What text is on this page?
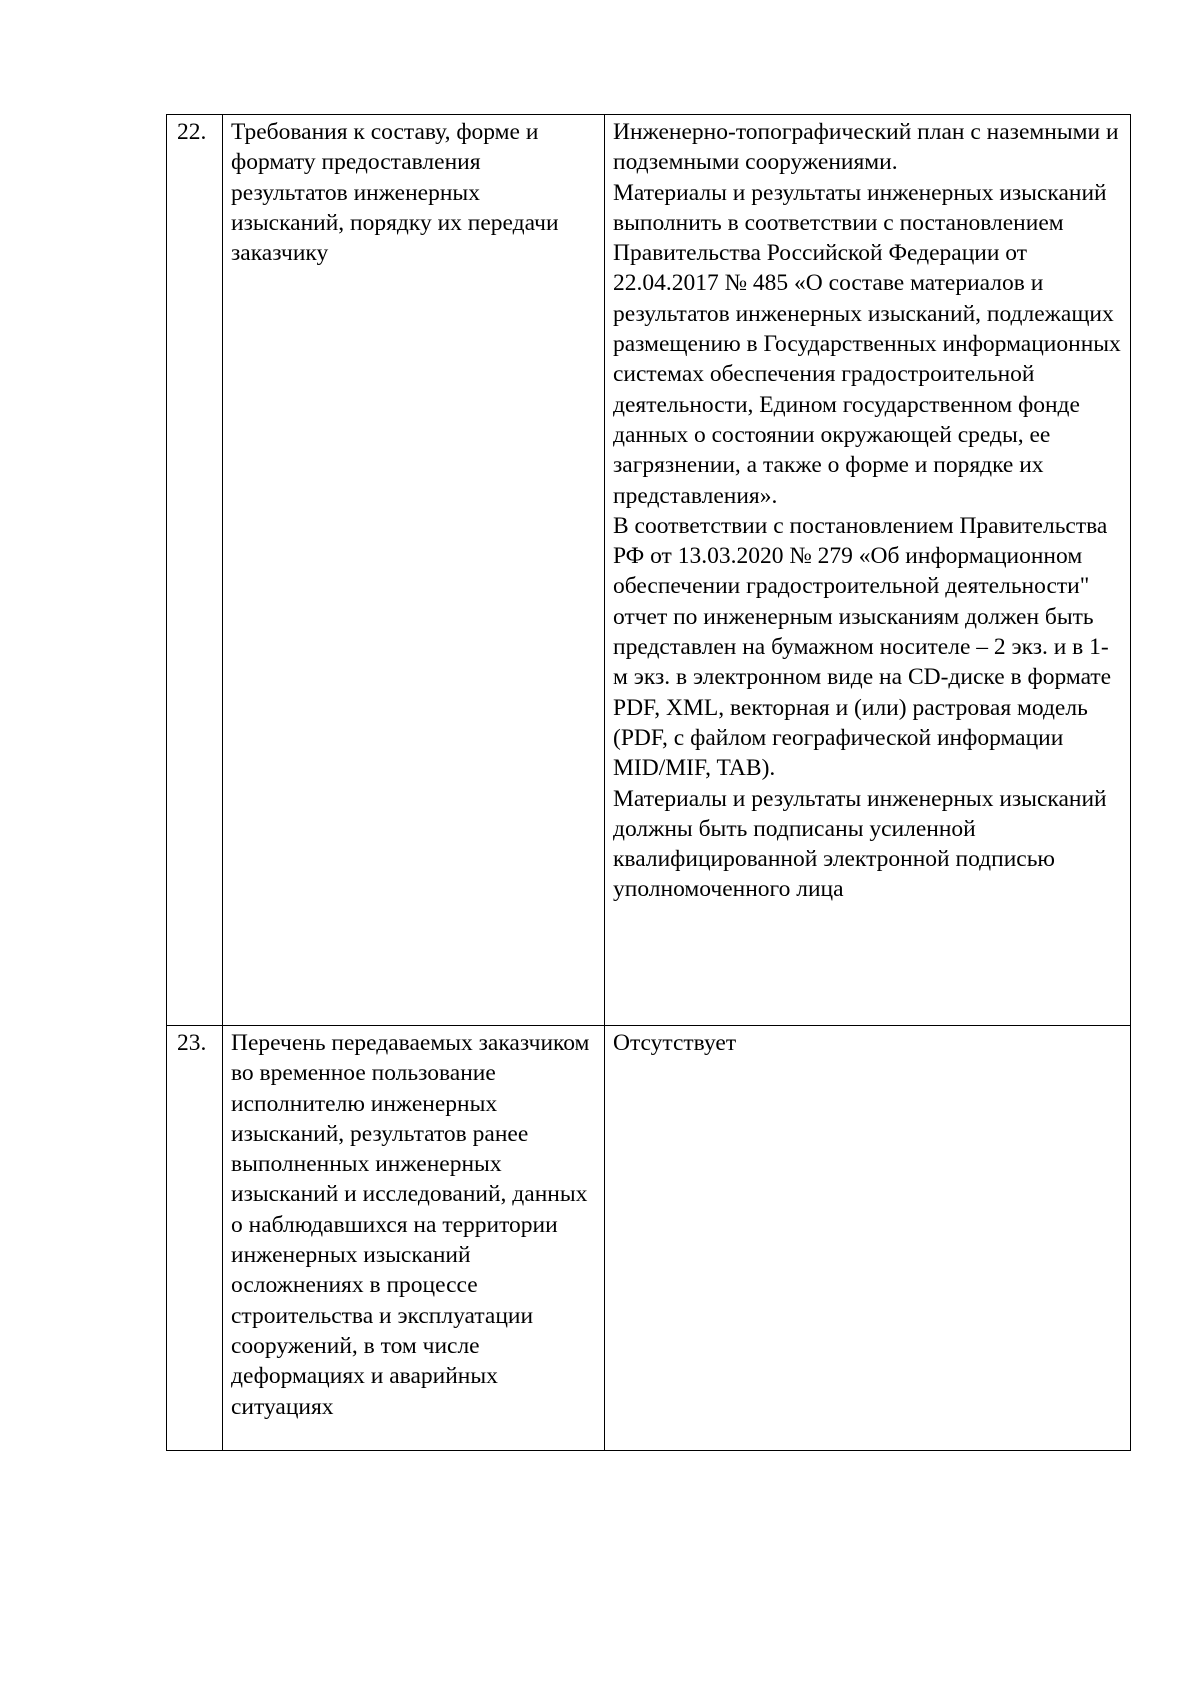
22.	Требования к составу, форме и формату предоставления результатов инженерных изысканий, порядку их передачи заказчику	Инженерно-топографический план с наземными и подземными сооружениями.
Материалы и результаты инженерных изысканий выполнить в соответствии с постановлением Правительства Российской Федерации от 22.04.2017 № 485 «О составе материалов и результатов инженерных изысканий, подлежащих размещению в Государственных информационных системах обеспечения градостроительной деятельности, Едином государственном фонде данных о состоянии окружающей среды, ее загрязнении, а также о форме и порядке их представления».
В соответствии с постановлением Правительства РФ от 13.03.2020 № 279 «Об информационном обеспечении градостроительной деятельности" отчет по инженерным изысканиям должен быть представлен на бумажном носителе – 2 экз. и в 1-м экз. в электронном виде на CD-диске в формате PDF, XML, векторная и (или) растровая модель (PDF, с файлом географической информации MID/MIF, TAB).
Материалы и результаты инженерных изысканий должны быть подписаны усиленной квалифицированной электронной подписью уполномоченного лица

23.	Перечень передаваемых заказчиком во временное пользование исполнителю инженерных изысканий, результатов ранее выполненных инженерных изысканий и исследований, данных о наблюдавшихся на территории инженерных изысканий осложнениях в процессе строительства и эксплуатации сооружений, в том числе деформациях и аварийных ситуациях	Отсутствует
